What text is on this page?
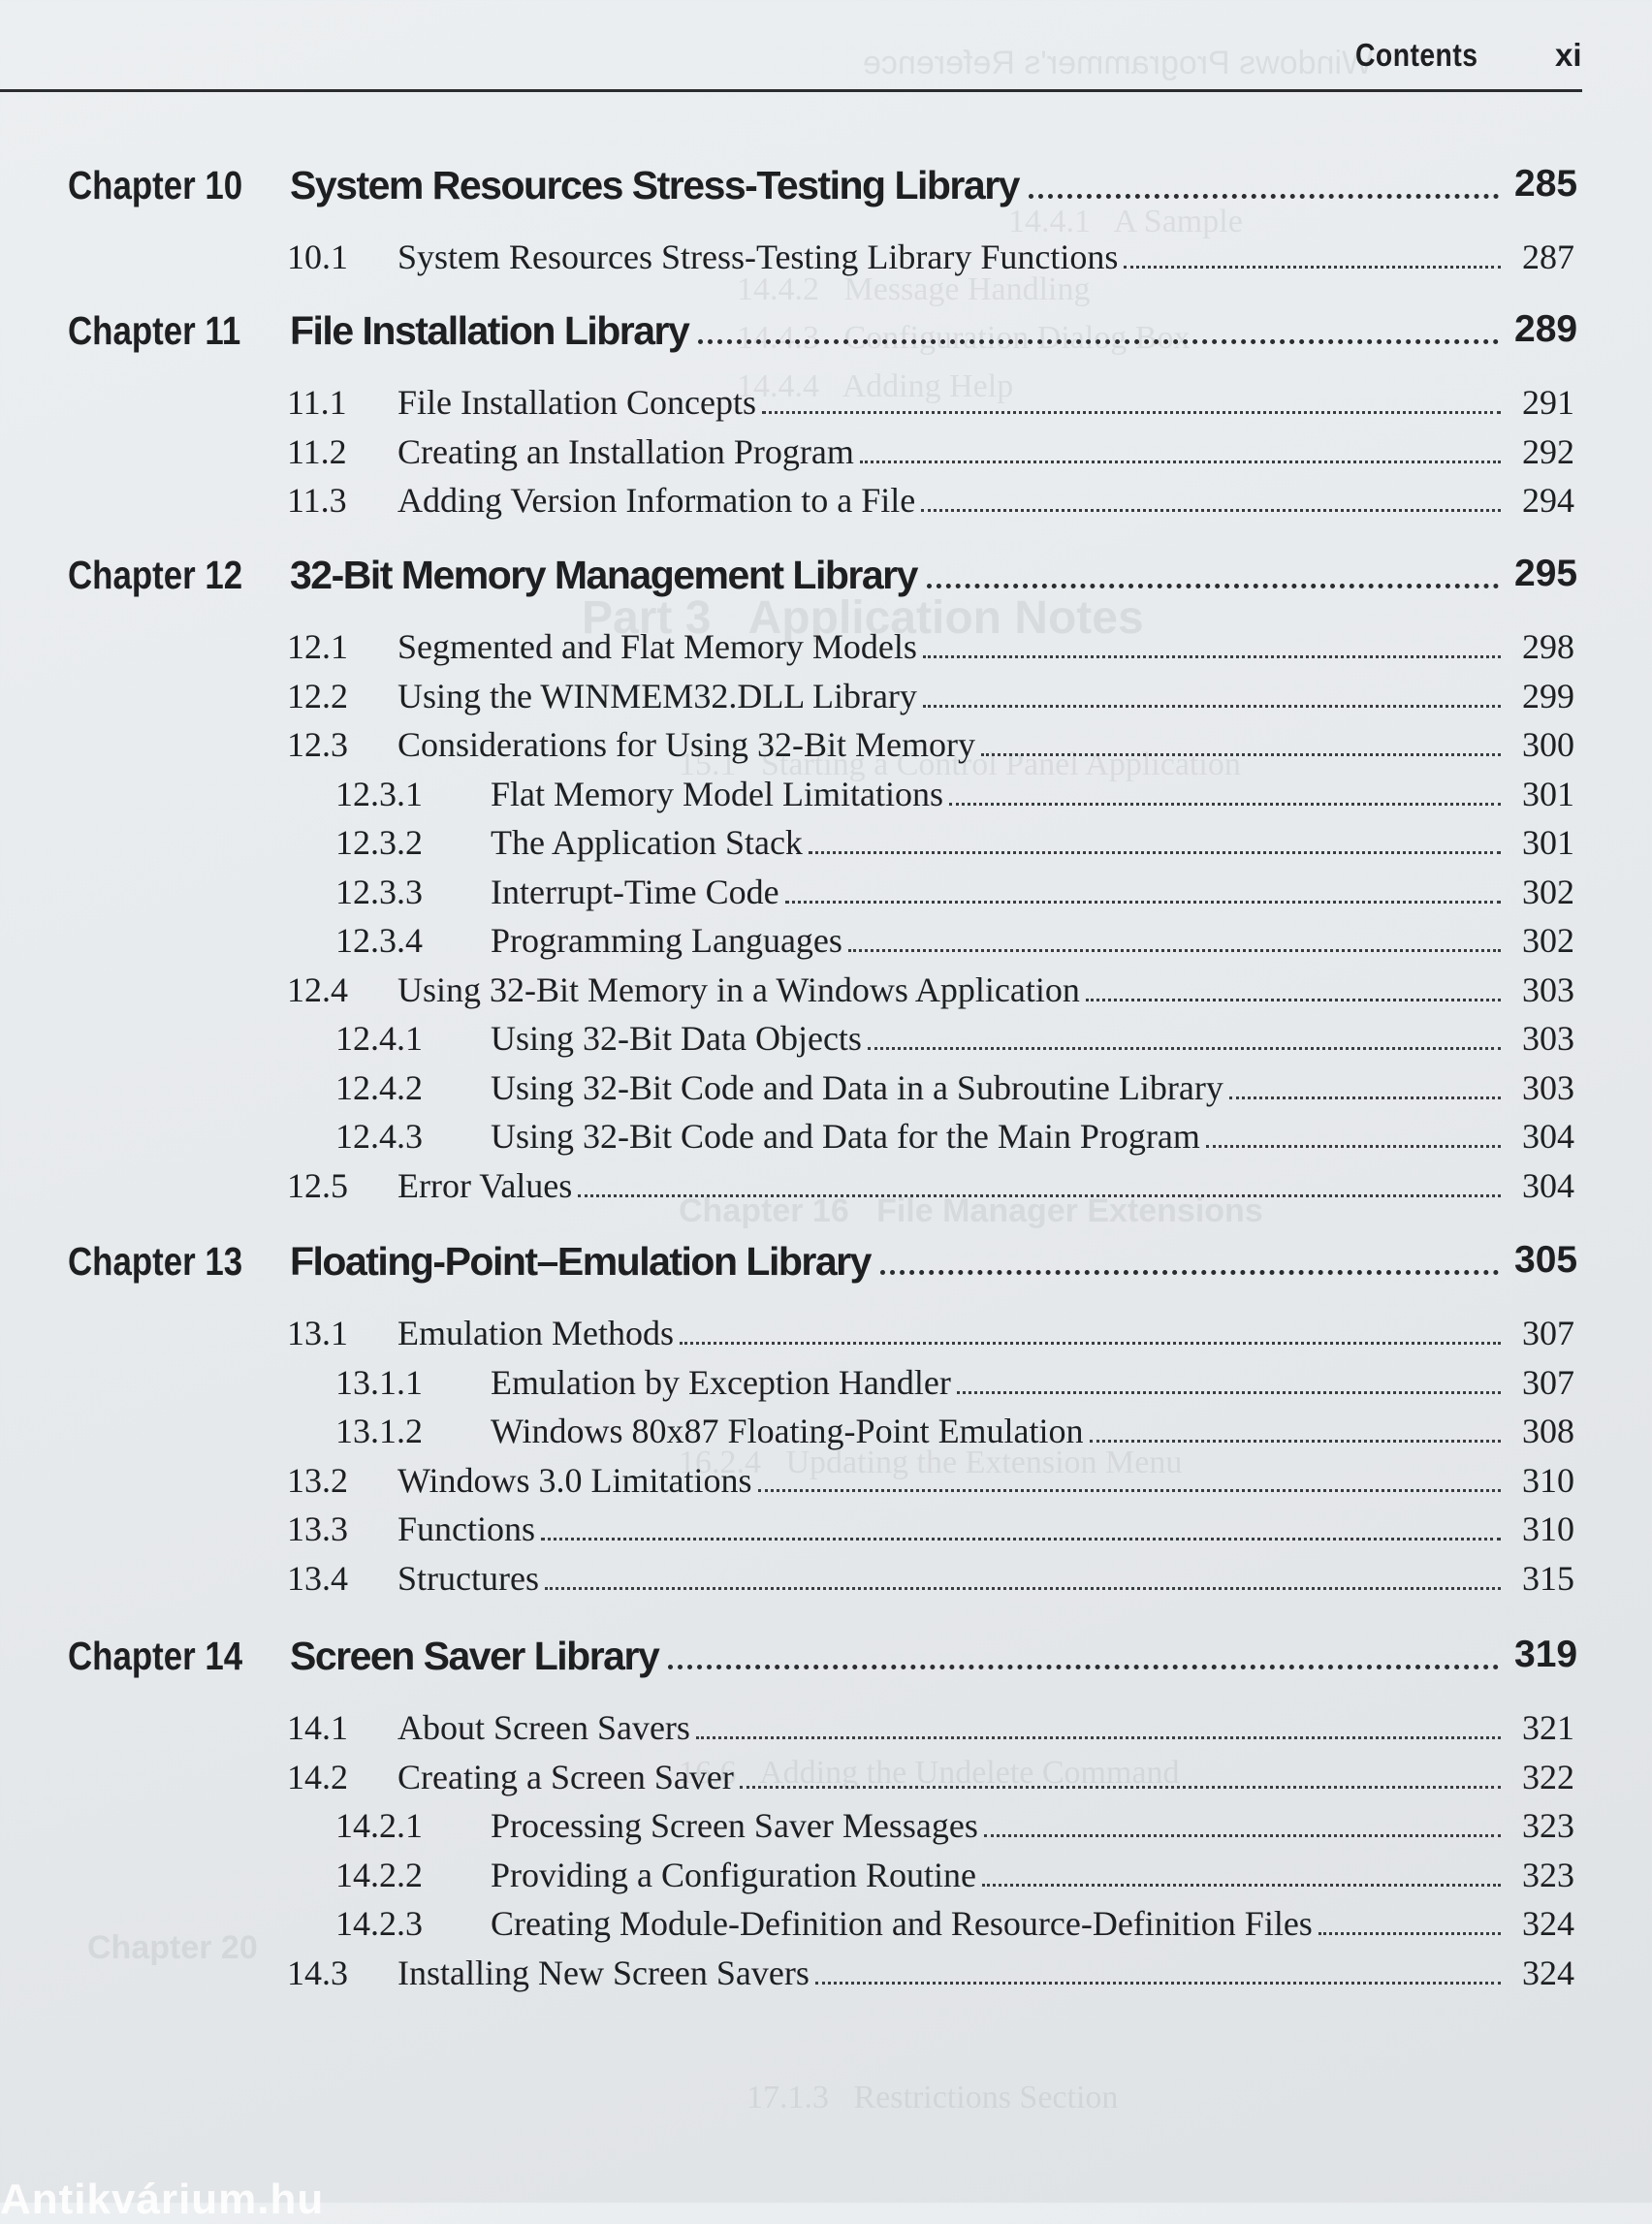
Windows Programmer's Reference
14.4.1   A Sample
14.4.2   Message Handling
14.4.3   Configuration Dialog Box
14.4.4   Adding Help
Part 3   Application Notes
15.1   Starting a Control Panel Application
Chapter 16   File Manager Extensions
16.2.4   Updating the Extension Menu
16.6   Adding the Undelete Command
Chapter 20
17.1.3   Restrictions Section
Contents xi
Chapter 10 System Resources Stress-Testing Library	285
10.1 System Resources Stress-Testing Library Functions	287
Chapter 11 File Installation Library	289
11.1 File Installation Concepts	291
11.2 Creating an Installation Program	292
11.3 Adding Version Information to a File	294
Chapter 12 32-Bit Memory Management Library	295
12.1 Segmented and Flat Memory Models	298
12.2 Using the WINMEM32.DLL Library	299
12.3 Considerations for Using 32-Bit Memory	300
12.3.1 Flat Memory Model Limitations	301
12.3.2 The Application Stack	301
12.3.3 Interrupt-Time Code	302
12.3.4 Programming Languages	302
12.4 Using 32-Bit Memory in a Windows Application	303
12.4.1 Using 32-Bit Data Objects	303
12.4.2 Using 32-Bit Code and Data in a Subroutine Library	303
12.4.3 Using 32-Bit Code and Data for the Main Program	304
12.5 Error Values	304
Chapter 13 Floating-Point–Emulation Library	305
13.1 Emulation Methods	307
13.1.1 Emulation by Exception Handler	307
13.1.2 Windows 80x87 Floating-Point Emulation	308
13.2 Windows 3.0 Limitations	310
13.3 Functions	310
13.4 Structures	315
Chapter 14 Screen Saver Library	319
14.1 About Screen Savers	321
14.2 Creating a Screen Saver	322
14.2.1 Processing Screen Saver Messages	323
14.2.2 Providing a Configuration Routine	323
14.2.3 Creating Module-Definition and Resource-Definition Files	324
14.3 Installing New Screen Savers	324
Antikvárium.hu
